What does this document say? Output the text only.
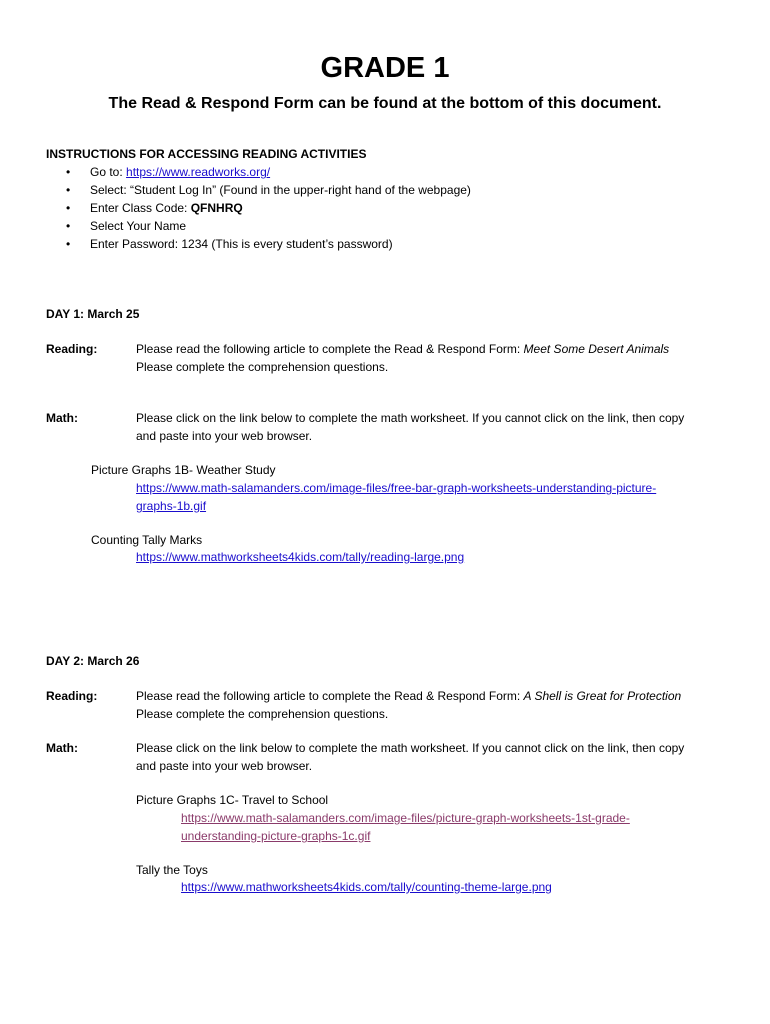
GRADE 1
The Read & Respond Form can be found at the bottom of this document.
INSTRUCTIONS FOR ACCESSING READING ACTIVITIES
• Go to: https://www.readworks.org/
• Select: “Student Log In” (Found in the upper-right hand of the webpage)
• Enter Class Code: QFNHRQ
• Select Your Name
• Enter Password: 1234 (This is every student’s password)
DAY 1: March 25
Reading:	Please read the following article to complete the Read & Respond Form: Meet Some Desert Animals
Please complete the comprehension questions.
Math:	Please click on the link below to complete the math worksheet. If you cannot click on the link, then copy
and paste into your web browser.
Picture Graphs 1B- Weather Study
https://www.math-salamanders.com/image-files/free-bar-graph-worksheets-understanding-picture-
graphs-1b.gif
Counting Tally Marks
https://www.mathworksheets4kids.com/tally/reading-large.png
DAY 2: March 26
Reading:	Please read the following article to complete the Read & Respond Form: A Shell is Great for Protection
Please complete the comprehension questions.
Math:	Please click on the link below to complete the math worksheet. If you cannot click on the link, then copy
and paste into your web browser.
Picture Graphs 1C- Travel to School
https://www.math-salamanders.com/image-files/picture-graph-worksheets-1st-grade-
understanding-picture-graphs-1c.gif
Tally the Toys
https://www.mathworksheets4kids.com/tally/counting-theme-large.png
